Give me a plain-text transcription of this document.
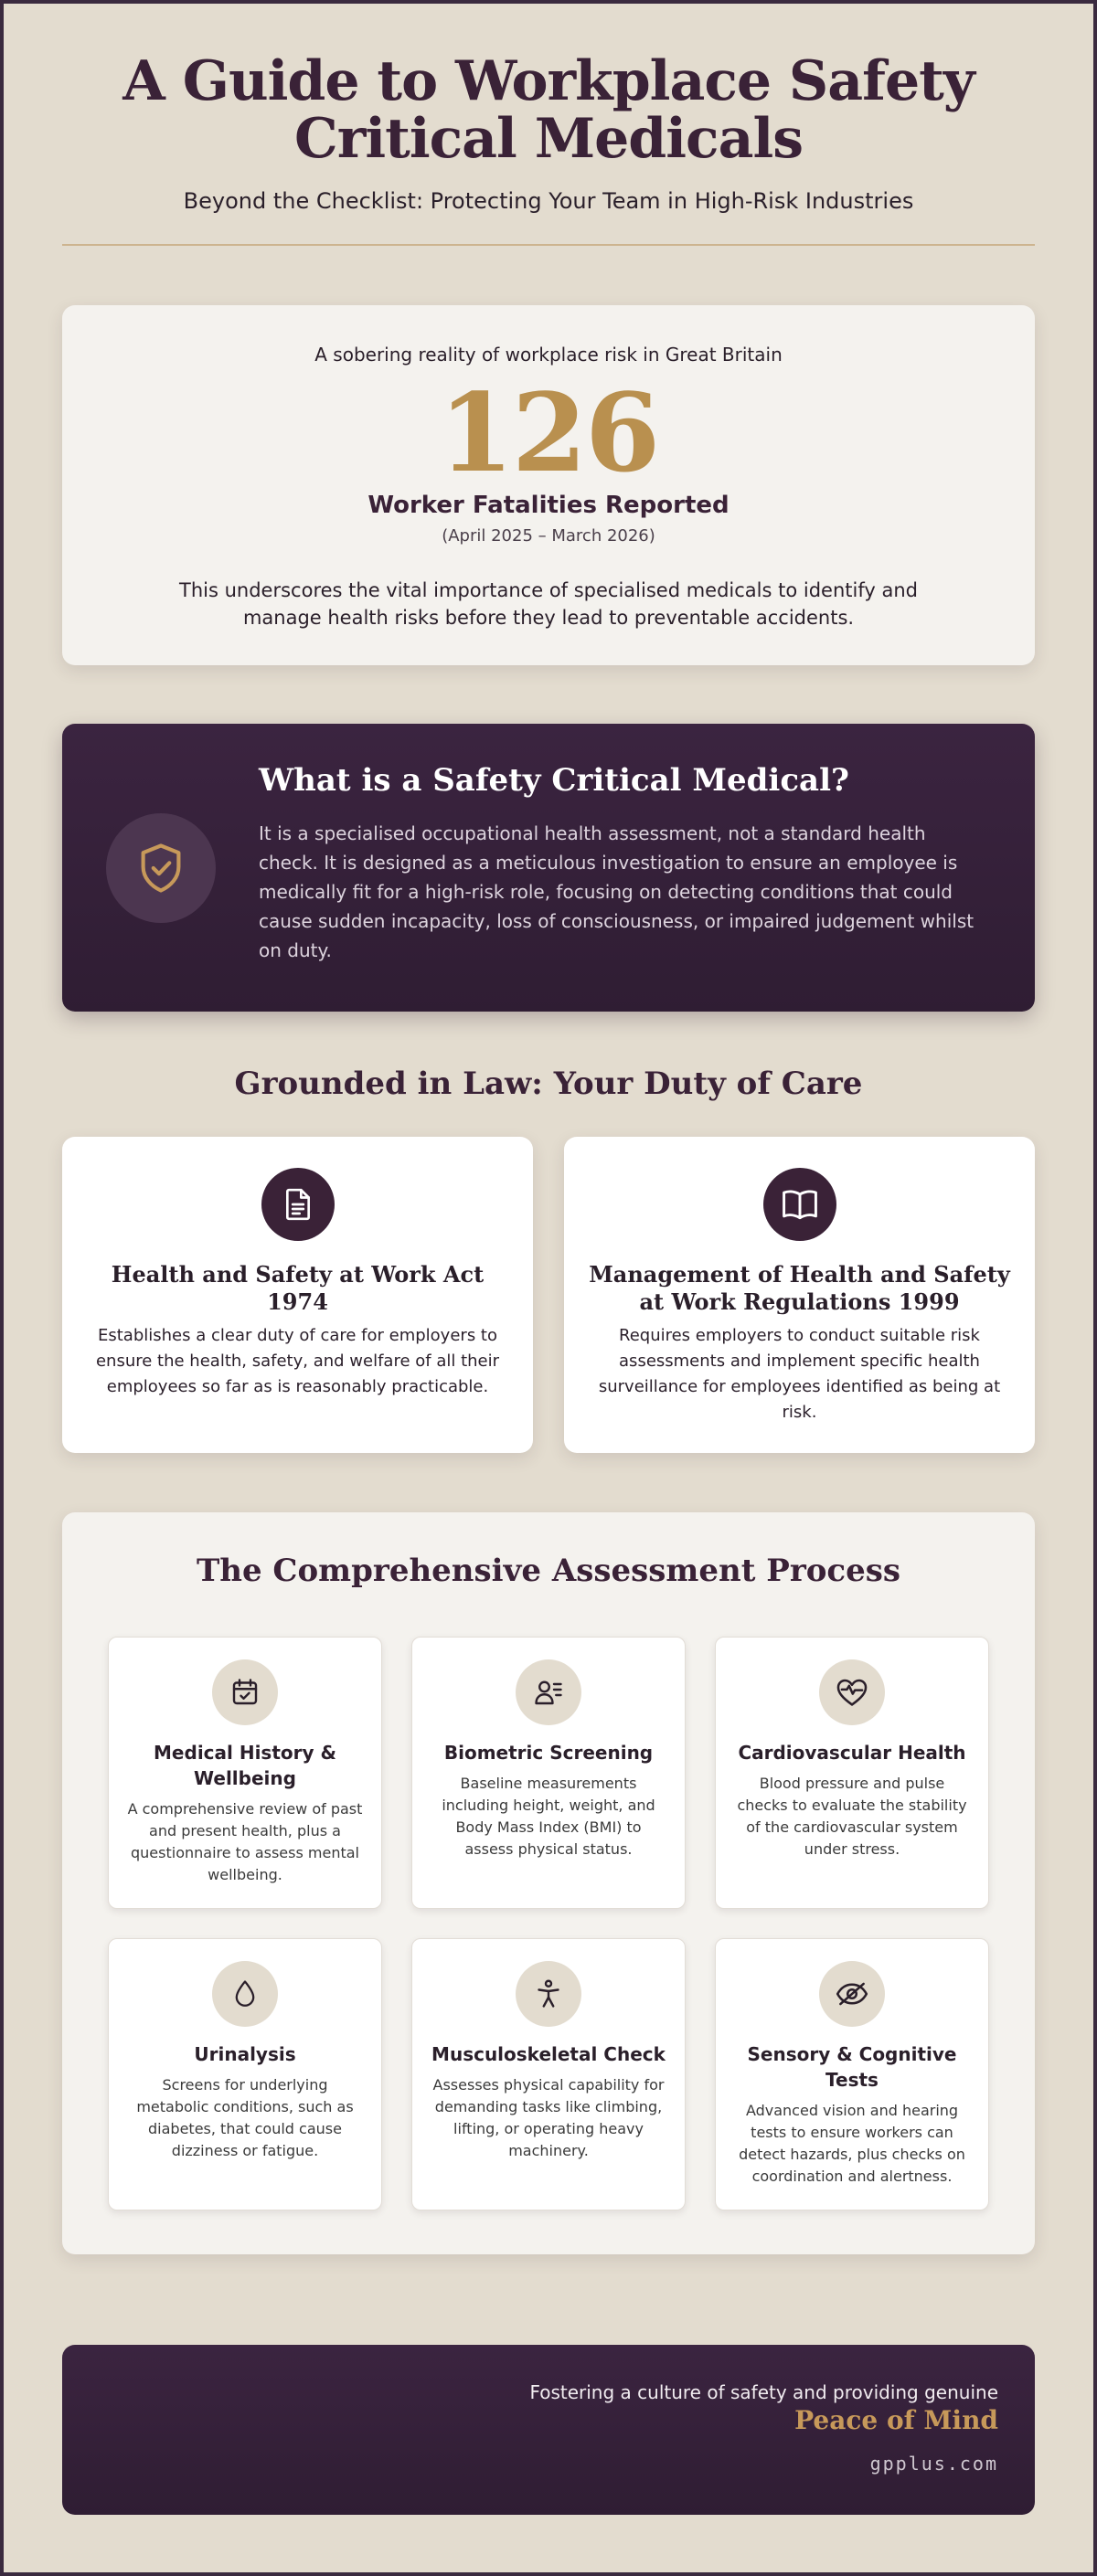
A Guide to Workplace Safety
Critical Medicals
Beyond the Checklist: Protecting Your Team in High-Risk Industries
A sobering reality of workplace risk in Great Britain
126
Worker Fatalities Reported
(April 2025 – March 2026)
This underscores the vital importance of specialised medicals to identify and manage health risks before they lead to preventable accidents.
What is a Safety Critical Medical?
It is a specialised occupational health assessment, not a standard health check. It is designed as a meticulous investigation to ensure an employee is medically fit for a high-risk role, focusing on detecting conditions that could cause sudden incapacity, loss of consciousness, or impaired judgement whilst on duty.
Grounded in Law: Your Duty of Care
Health and Safety at Work Act 1974
Establishes a clear duty of care for employers to ensure the health, safety, and welfare of all their employees so far as is reasonably practicable.
Management of Health and Safety at Work Regulations 1999
Requires employers to conduct suitable risk assessments and implement specific health surveillance for employees identified as being at risk.
The Comprehensive Assessment Process
Medical History & Wellbeing
A comprehensive review of past and present health, plus a questionnaire to assess mental wellbeing.
Biometric Screening
Baseline measurements including height, weight, and Body Mass Index (BMI) to assess physical status.
Cardiovascular Health
Blood pressure and pulse checks to evaluate the stability of the cardiovascular system under stress.
Urinalysis
Screens for underlying metabolic conditions, such as diabetes, that could cause dizziness or fatigue.
Musculoskeletal Check
Assesses physical capability for demanding tasks like climbing, lifting, or operating heavy machinery.
Sensory & Cognitive Tests
Advanced vision and hearing tests to ensure workers can detect hazards, plus checks on coordination and alertness.
Fostering a culture of safety and providing genuine
Peace of Mind
gpplus.com
